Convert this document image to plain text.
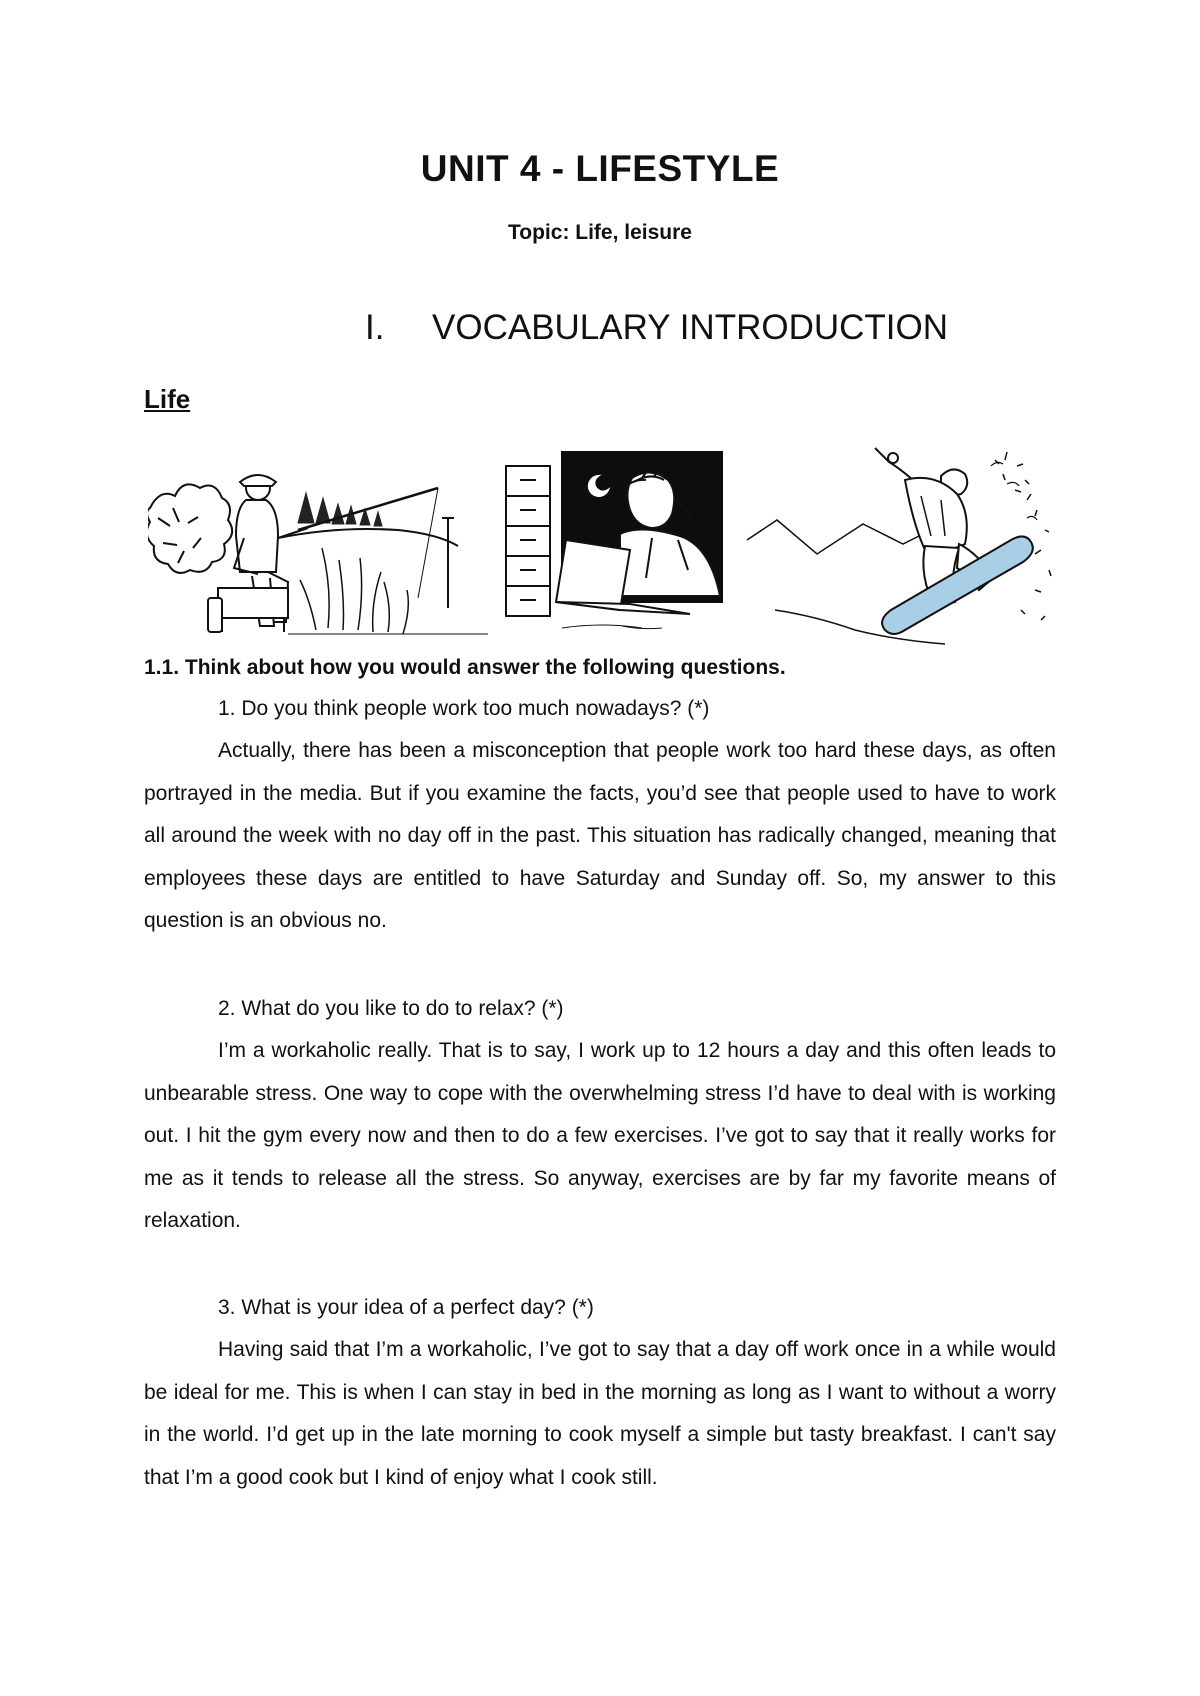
UNIT 4 - LIFESTYLE

Topic: Life, leisure

I. VOCABULARY INTRODUCTION
Life

1.1. Think about how you would answer the following questions.

1. Do you think people work too much nowadays? (*)

Actually, there has been a misconception that people work too hard these days, as often portrayed in the media. But if you examine the facts, you’d see that people used to have to work all around the week with no day off in the past. This situation has radically changed, meaning that employees these days are entitled to have Saturday and Sunday off. So, my answer to this question is an obvious no.

2. What do you like to do to relax? (*)

I’m a workaholic really. That is to say, I work up to 12 hours a day and this often leads to unbearable stress. One way to cope with the overwhelming stress I’d have to deal with is working out. I hit the gym every now and then to do a few exercises. I’ve got to say that it really works for me as it tends to release all the stress. So anyway, exercises are by far my favorite means of relaxation.

3. What is your idea of a perfect day? (*)

Having said that I’m a workaholic, I’ve got to say that a day off work once in a while would be ideal for me. This is when I can stay in bed in the morning as long as I want to without a worry in the world. I’d get up in the late morning to cook myself a simple but tasty breakfast. I can't say that I’m a good cook but I kind of enjoy what I cook still.
